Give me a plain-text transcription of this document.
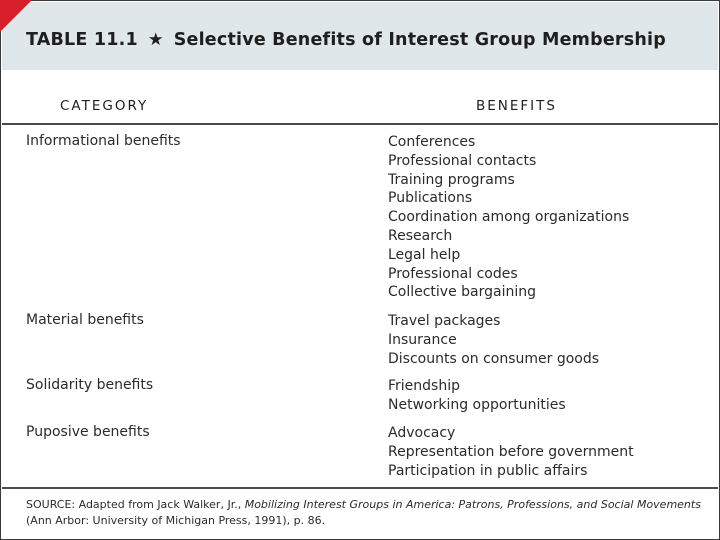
TABLE 11.1 ★ Selective Benefits of Interest Group Membership
CATEGORY	BENEFITS
Informational benefits	Conferences
Professional contacts
Training programs
Publications
Coordination among organizations
Research
Legal help
Professional codes
Collective bargaining
Material benefits	Travel packages
Insurance
Discounts on consumer goods
Solidarity benefits	Friendship
Networking opportunities
Puposive benefits	Advocacy
Representation before government
Participation in public affairs
SOURCE: Adapted from Jack Walker, Jr., Mobilizing Interest Groups in America: Patrons, Professions, and Social Movements (Ann Arbor: University of Michigan Press, 1991), p. 86.
